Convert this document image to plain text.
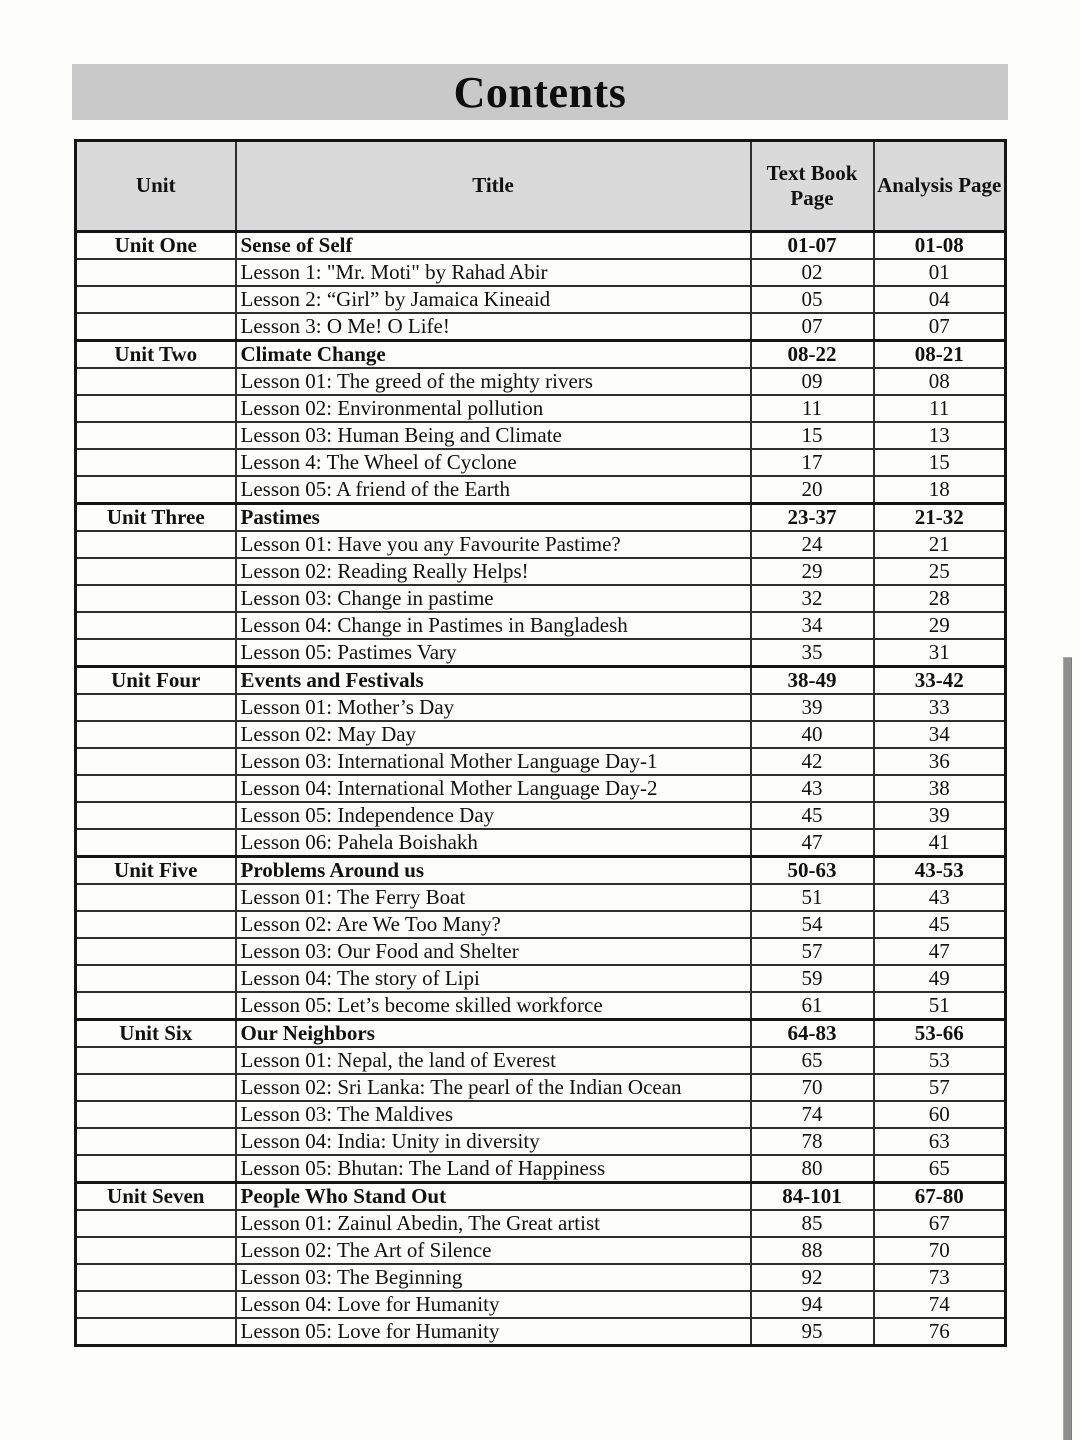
Contents
Unit	Title	Text Book Page	Analysis Page
Unit One	Sense of Self	01-07	01-08
	Lesson 1: "Mr. Moti" by Rahad Abir	02	01
	Lesson 2: “Girl” by Jamaica Kineaid	05	04
	Lesson 3: O Me! O Life!	07	07
Unit Two	Climate Change	08-22	08-21
	Lesson 01: The greed of the mighty rivers	09	08
	Lesson 02: Environmental pollution	11	11
	Lesson 03: Human Being and Climate	15	13
	Lesson 4: The Wheel of Cyclone	17	15
	Lesson 05: A friend of the Earth	20	18
Unit Three	Pastimes	23-37	21-32
	Lesson 01: Have you any Favourite Pastime?	24	21
	Lesson 02: Reading Really Helps!	29	25
	Lesson 03: Change in pastime	32	28
	Lesson 04: Change in Pastimes in Bangladesh	34	29
	Lesson 05: Pastimes Vary	35	31
Unit Four	Events and Festivals	38-49	33-42
	Lesson 01: Mother’s Day	39	33
	Lesson 02: May Day	40	34
	Lesson 03: International Mother Language Day-1	42	36
	Lesson 04: International Mother Language Day-2	43	38
	Lesson 05: Independence Day	45	39
	Lesson 06: Pahela Boishakh	47	41
Unit Five	Problems Around us	50-63	43-53
	Lesson 01: The Ferry Boat	51	43
	Lesson 02: Are We Too Many?	54	45
	Lesson 03: Our Food and Shelter	57	47
	Lesson 04: The story of Lipi	59	49
	Lesson 05: Let’s become skilled workforce	61	51
Unit Six	Our Neighbors	64-83	53-66
	Lesson 01: Nepal, the land of Everest	65	53
	Lesson 02: Sri Lanka: The pearl of the Indian Ocean	70	57
	Lesson 03: The Maldives	74	60
	Lesson 04: India: Unity in diversity	78	63
	Lesson 05: Bhutan: The Land of Happiness	80	65
Unit Seven	People Who Stand Out	84-101	67-80
	Lesson 01: Zainul Abedin, The Great artist	85	67
	Lesson 02: The Art of Silence	88	70
	Lesson 03: The Beginning	92	73
	Lesson 04: Love for Humanity	94	74
	Lesson 05: Love for Humanity	95	76
